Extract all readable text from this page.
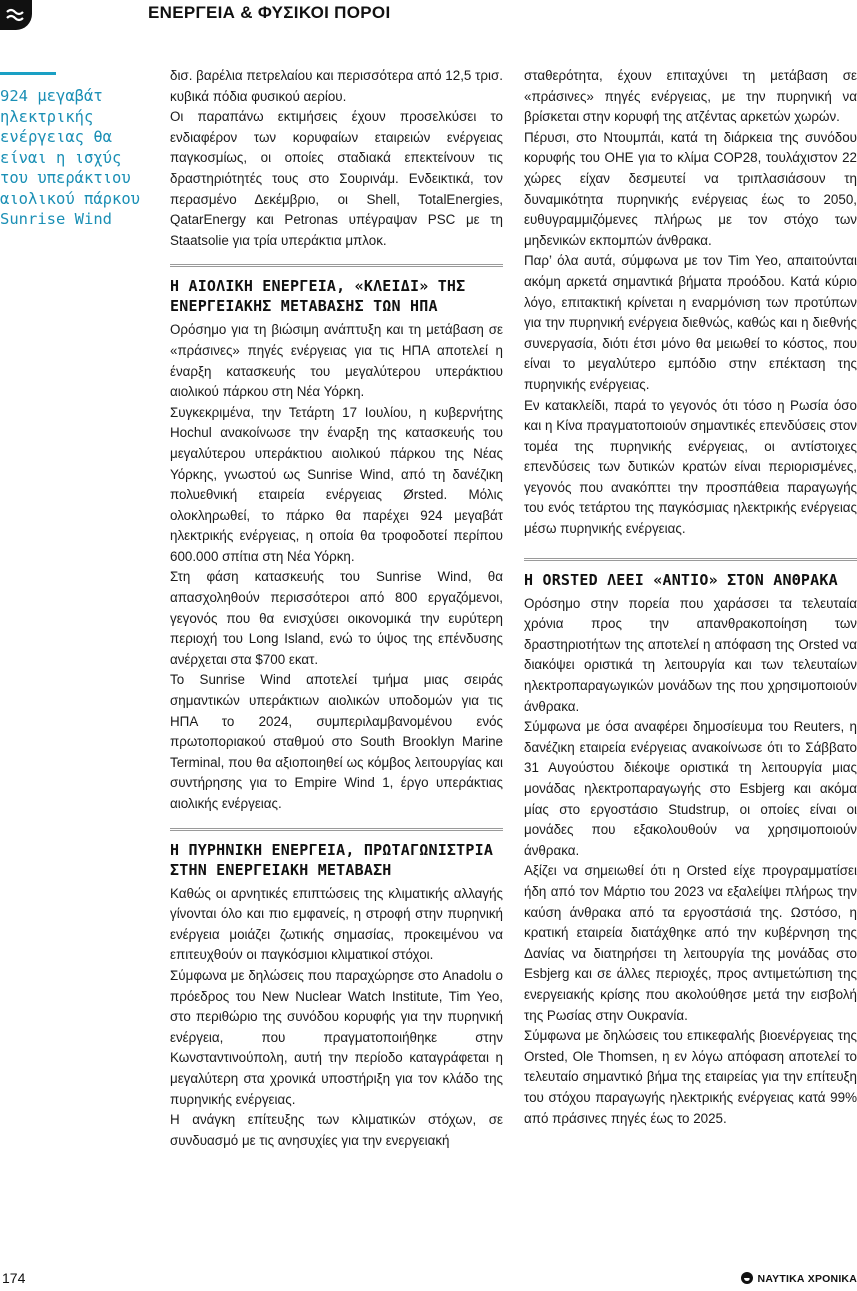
ΕΝΕΡΓΕΙΑ & ΦΥΣΙΚΟΙ ΠΟΡΟΙ
924 μεγαβάτ ηλεκτρικής ενέργειας θα είναι η ισχύς του υπεράκτιου αιολικού πάρκου Sunrise Wind

δισ. βαρέλια πετρελαίου και περισσότερα από 12,5 τρισ. κυβικά πόδια φυσικού αερίου.

Οι παραπάνω εκτιμήσεις έχουν προσελκύσει το ενδιαφέρον των κορυφαίων εταιρειών ενέργειας παγκοσμίως, οι οποίες σταδιακά επεκτείνουν τις δραστηριότητές τους στο Σουρινάμ. Ενδεικτικά, τον περασμένο Δεκέμβριο, οι Shell, TotalEnergies, QatarEnergy και Petronas υπέγραψαν PSC με τη Staatsolie για τρία υπεράκτια μπλοκ.

Η ΑΙΟΛΙΚΗ ΕΝΕΡΓΕΙΑ, «ΚΛΕΙΔΙ» ΤΗΣ ΕΝΕΡΓΕΙΑΚΗΣ ΜΕΤΑΒΑΣΗΣ ΤΩΝ ΗΠΑ

Ορόσημο για τη βιώσιμη ανάπτυξη και τη μετάβαση σε «πράσινες» πηγές ενέργειας για τις ΗΠΑ αποτελεί η έναρξη κατασκευής του μεγαλύτερου υπεράκτιου αιολικού πάρκου στη Νέα Υόρκη.

Συγκεκριμένα, την Τετάρτη 17 Ιουλίου, η κυβερνήτης Hochul ανακοίνωσε την έναρξη της κατασκευής του μεγαλύτερου υπεράκτιου αιολικού πάρκου της Νέας Υόρκης, γνωστού ως Sunrise Wind, από τη δανέζικη πολυεθνική εταιρεία ενέργειας Ørsted. Μόλις ολοκληρωθεί, το πάρκο θα παρέχει 924 μεγαβάτ ηλεκτρικής ενέργειας, η οποία θα τροφοδοτεί περίπου 600.000 σπίτια στη Νέα Υόρκη.

Στη φάση κατασκευής του Sunrise Wind, θα απασχοληθούν περισσότεροι από 800 εργαζόμενοι, γεγονός που θα ενισχύσει οικονομικά την ευρύτερη περιοχή του Long Island, ενώ το ύψος της επένδυσης ανέρχεται στα $700 εκατ.

Το Sunrise Wind αποτελεί τμήμα μιας σειράς σημαντικών υπεράκτιων αιολικών υποδομών για τις ΗΠΑ το 2024, συμπεριλαμβανομένου ενός πρωτοποριακού σταθμού στο South Brooklyn Marine Terminal, που θα αξιοποιηθεί ως κόμβος λειτουργίας και συντήρησης για το Empire Wind 1, έργο υπεράκτιας αιολικής ενέργειας.

Η ΠΥΡΗΝΙΚΗ ΕΝΕΡΓΕΙΑ, ΠΡΩΤΑΓΩΝΙΣΤΡΙΑ ΣΤΗΝ ΕΝΕΡΓΕΙΑΚΗ ΜΕΤΑΒΑΣΗ

Καθώς οι αρνητικές επιπτώσεις της κλιματικής αλλαγής γίνονται όλο και πιο εμφανείς, η στροφή στην πυρηνική ενέργεια μοιάζει ζωτικής σημασίας, προκειμένου να επιτευχθούν οι παγκόσμιοι κλιματικοί στόχοι.

Σύμφωνα με δηλώσεις που παραχώρησε στο Anadolu ο πρόεδρος του New Nuclear Watch Institute, Tim Yeo, στο περιθώριο της συνόδου κορυφής για την πυρηνική ενέργεια, που πραγματοποιήθηκε στην Κωνσταντινούπολη, αυτή την περίοδο καταγράφεται η μεγαλύτερη στα χρονικά υποστήριξη για τον κλάδο της πυρηνικής ενέργειας.

Η ανάγκη επίτευξης των κλιματικών στόχων, σε συνδυασμό με τις ανησυχίες για την ενεργειακή

σταθερότητα, έχουν επιταχύνει τη μετάβαση σε «πράσινες» πηγές ενέργειας, με την πυρηνική να βρίσκεται στην κορυφή της ατζέντας αρκετών χωρών.

Πέρυσι, στο Ντουμπάι, κατά τη διάρκεια της συνόδου κορυφής του ΟΗΕ για το κλίμα COP28, τουλάχιστον 22 χώρες είχαν δεσμευτεί να τριπλασιάσουν τη δυναμικότητα πυρηνικής ενέργειας έως το 2050, ευθυγραμμιζόμενες πλήρως με τον στόχο των μηδενικών εκπομπών άνθρακα.

Παρ’ όλα αυτά, σύμφωνα με τον Tim Yeo, απαιτούνται ακόμη αρκετά σημαντικά βήματα προόδου. Κατά κύριο λόγο, επιτακτική κρίνεται η εναρμόνιση των προτύπων για την πυρηνική ενέργεια διεθνώς, καθώς και η διεθνής συνεργασία, διότι έτσι μόνο θα μειωθεί το κόστος, που είναι το μεγαλύτερο εμπόδιο στην επέκταση της πυρηνικής ενέργειας.

Εν κατακλείδι, παρά το γεγονός ότι τόσο η Ρωσία όσο και η Κίνα πραγματοποιούν σημαντικές επενδύσεις στον τομέα της πυρηνικής ενέργειας, οι αντίστοιχες επενδύσεις των δυτικών κρατών είναι περιορισμένες, γεγονός που ανακόπτει την προσπάθεια παραγωγής του ενός τετάρτου της παγκόσμιας ηλεκτρικής ενέργειας μέσω πυρηνικής ενέργειας.

Η ORSTED ΛΕΕΙ «ΑΝΤΙΟ» ΣΤΟΝ ΑΝΘΡΑΚΑ

Ορόσημο στην πορεία που χαράσσει τα τελευταία χρόνια προς την απανθρακοποίηση των δραστηριοτήτων της αποτελεί η απόφαση της Orsted να διακόψει οριστικά τη λειτουργία και των τελευταίων ηλεκτροπαραγωγικών μονάδων της που χρησιμοποιούν άνθρακα.

Σύμφωνα με όσα αναφέρει δημοσίευμα του Reuters, η δανέζικη εταιρεία ενέργειας ανακοίνωσε ότι το Σάββατο 31 Αυγούστου διέκοψε οριστικά τη λειτουργία μιας μονάδας ηλεκτροπαραγωγής στο Esbjerg και ακόμα μίας στο εργοστάσιο Studstrup, οι οποίες είναι οι μονάδες που εξακολουθούν να χρησιμοποιούν άνθρακα.

Αξίζει να σημειωθεί ότι η Orsted είχε προγραμματίσει ήδη από τον Μάρτιο του 2023 να εξαλείψει πλήρως την καύση άνθρακα από τα εργοστάσιά της. Ωστόσο, η κρατική εταιρεία διατάχθηκε από την κυβέρνηση της Δανίας να διατηρήσει τη λειτουργία της μονάδας στο Esbjerg και σε άλλες περιοχές, προς αντιμετώπιση της ενεργειακής κρίσης που ακολούθησε μετά την εισβολή της Ρωσίας στην Ουκρανία.

Σύμφωνα με δηλώσεις του επικεφαλής βιοενέργειας της Orsted, Ole Thomsen, η εν λόγω απόφαση αποτελεί το τελευταίο σημαντικό βήμα της εταιρείας για την επίτευξη του στόχου παραγωγής ηλεκτρικής ενέργειας κατά 99% από πράσινες πηγές έως το 2025.

174	ΝΑΥΤΙΚΑ ΧΡΟΝΙΚΑ
